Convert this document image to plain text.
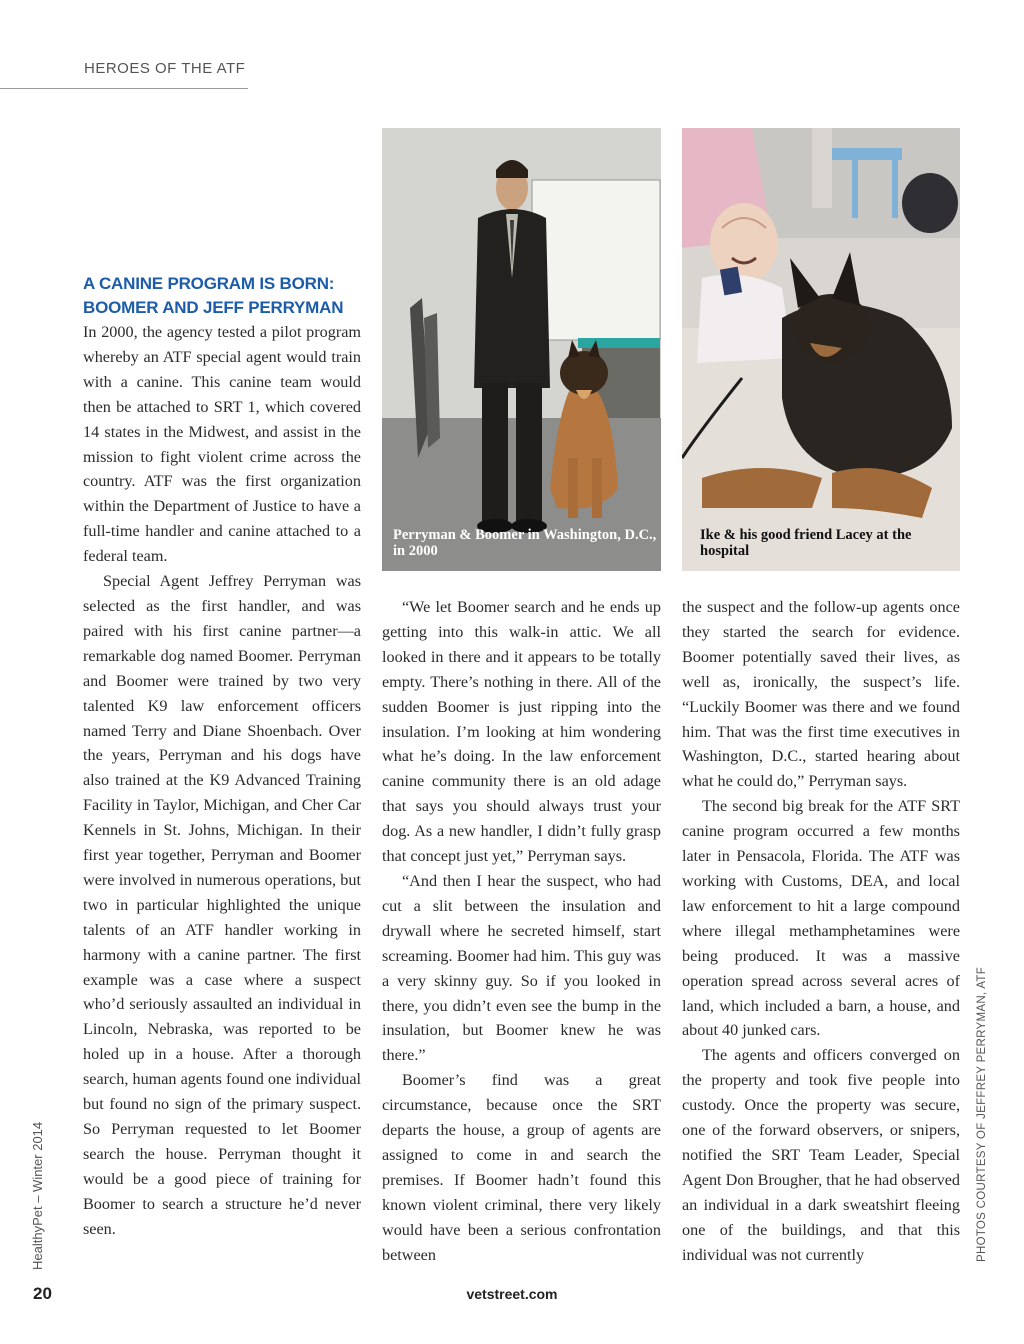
HEROES OF THE ATF
A CANINE PROGRAM IS BORN: BOOMER AND JEFF PERRYMAN

In 2000, the agency tested a pilot program whereby an ATF special agent would train with a canine. This canine team would then be attached to SRT 1, which covered 14 states in the Midwest, and assist in the mission to fight violent crime across the country. ATF was the first organization within the Department of Justice to have a full-time handler and canine attached to a federal team.

Special Agent Jeffrey Perryman was selected as the first handler, and was paired with his first canine partner—a remarkable dog named Boomer. Perryman and Boomer were trained by two very talented K9 law enforcement officers named Terry and Diane Shoenbach. Over the years, Perryman and his dogs have also trained at the K9 Advanced Training Facility in Taylor, Michigan, and Cher Car Kennels in St. Johns, Michigan. In their first year together, Perryman and Boomer were involved in numerous operations, but two in particular highlighted the unique talents of an ATF handler working in harmony with a canine partner. The first example was a case where a suspect who’d seriously assaulted an individual in Lincoln, Nebraska, was reported to be holed up in a house. After a thorough search, human agents found one individual but found no sign of the primary suspect. So Perryman requested to let Boomer search the house. Perryman thought it would be a good piece of training for Boomer to search a structure he’d never seen.

Perryman & Boomer in Washington, D.C., in 2000
Ike & his good friend Lacey at the hospital

“We let Boomer search and he ends up getting into this walk-in attic. We all looked in there and it appears to be totally empty. There’s nothing in there. All of the sudden Boomer is just ripping into the insulation. I’m looking at him wondering what he’s doing. In the law enforcement canine community there is an old adage that says you should always trust your dog. As a new handler, I didn’t fully grasp that concept just yet,” Perryman says.

“And then I hear the suspect, who had cut a slit between the insulation and drywall where he secreted himself, start screaming. Boomer had him. This guy was a very skinny guy. So if you looked in there, you didn’t even see the bump in the insulation, but Boomer knew he was there.”

Boomer’s find was a great circumstance, because once the SRT departs the house, a group of agents are assigned to come in and search the premises. If Boomer hadn’t found this known violent criminal, there very likely would have been a serious confrontation between

the suspect and the follow-up agents once they started the search for evidence. Boomer potentially saved their lives, as well as, ironically, the suspect’s life. “Luckily Boomer was there and we found him. That was the first time executives in Washington, D.C., started hearing about what he could do,” Perryman says.

The second big break for the ATF SRT canine program occurred a few months later in Pensacola, Florida. The ATF was working with Customs, DEA, and local law enforcement to hit a large compound where illegal methamphetamines were being produced. It was a massive operation spread across several acres of land, which included a barn, a house, and about 40 junked cars.

The agents and officers converged on the property and took five people into custody. Once the property was secure, one of the forward observers, or snipers, notified the SRT Team Leader, Special Agent Don Brougher, that he had observed an individual in a dark sweatshirt fleeing one of the buildings, and that this individual was not currently

HealthyPet – Winter 2014	PHOTOS COURTESY OF JEFFREY PERRYMAN, ATF
20	vetstreet.com
